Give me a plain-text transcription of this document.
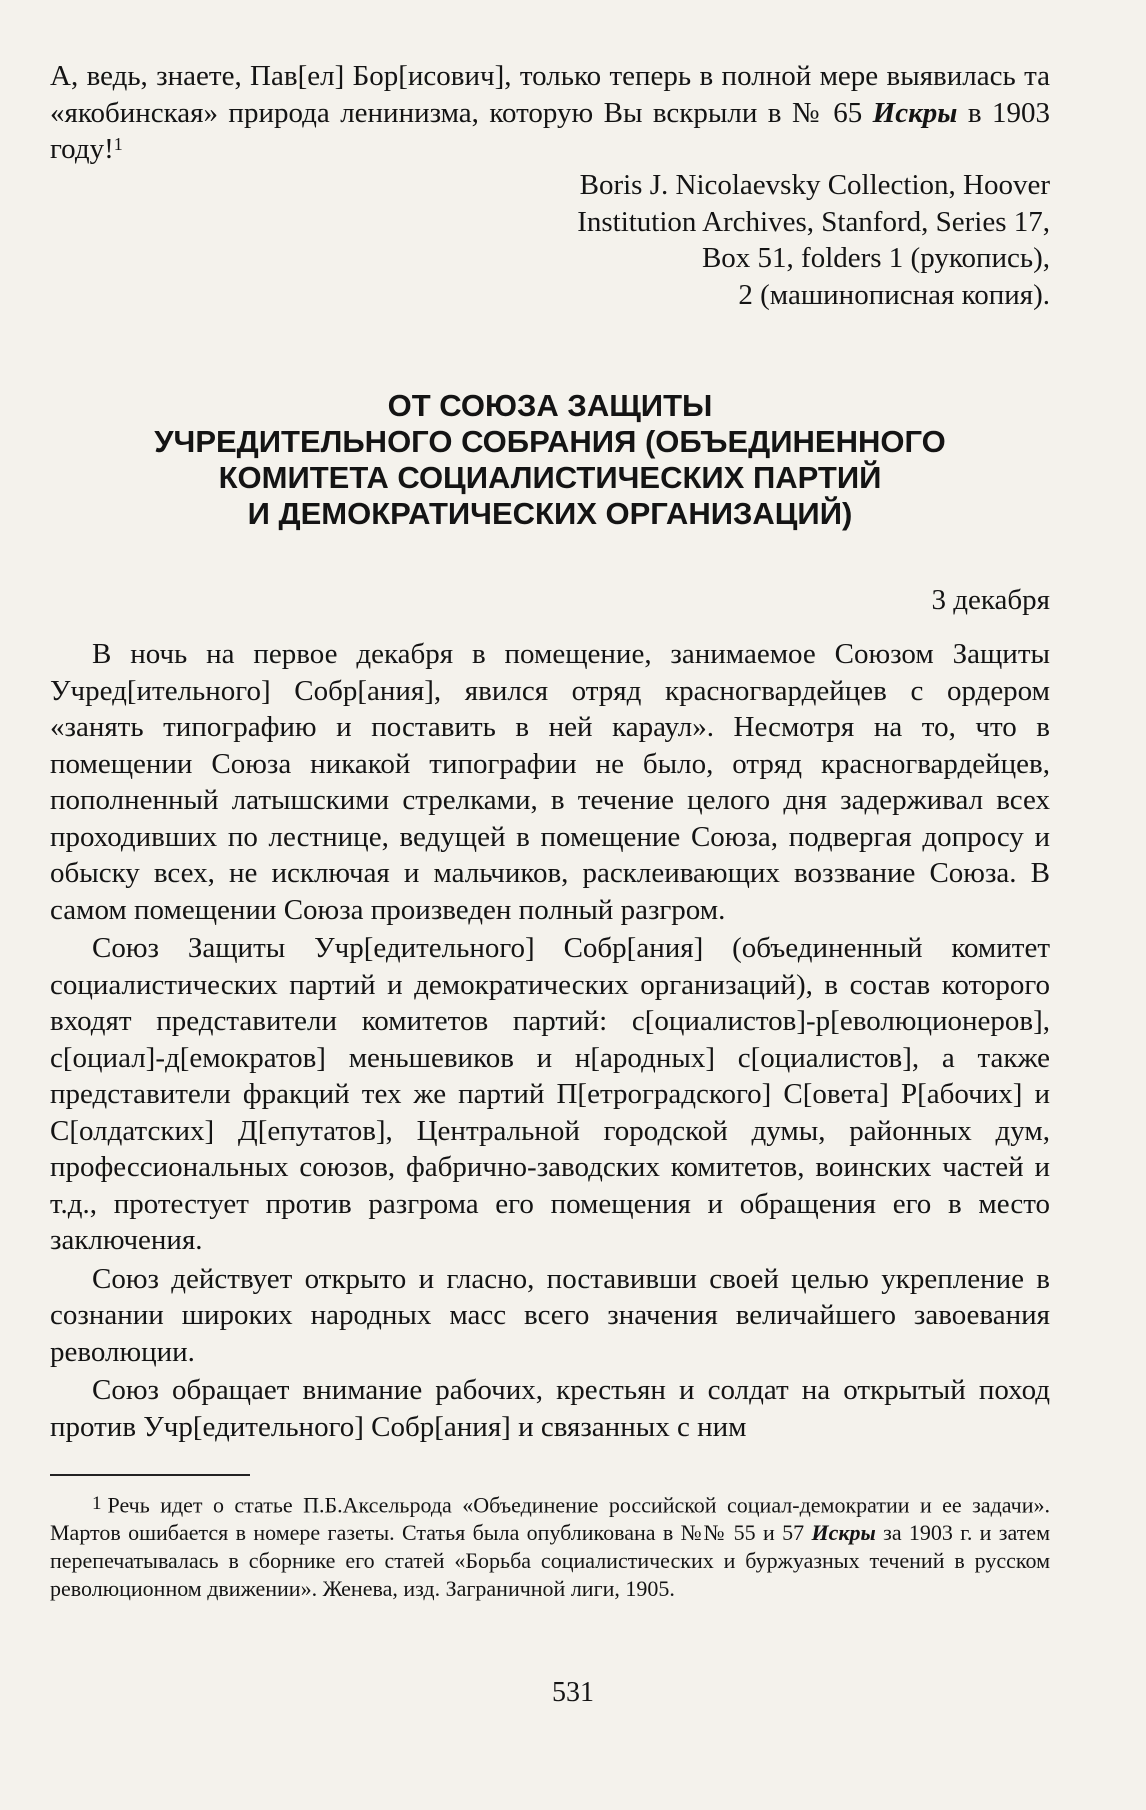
А, ведь, знаете, Пав[ел] Бор[исович], только теперь в полной мере выявилась та «якобинская» природа ленинизма, которую Вы вскрыли в № 65 Искры в 1903 году!$^1$
Boris J. Nicolaevsky Collection, Hoover
Institution Archives, Stanford, Series 17,
Box 51, folders 1 (рукопись),
2 (машинописная копия).
ОТ СОЮЗА ЗАЩИТЫ
УЧРЕДИТЕЛЬНОГО СОБРАНИЯ (ОБЪЕДИНЕННОГО
КОМИТЕТА СОЦИАЛИСТИЧЕСКИХ ПАРТИЙ
И ДЕМОКРАТИЧЕСКИХ ОРГАНИЗАЦИЙ)
3 декабря

В ночь на первое декабря в помещение, занимаемое Союзом Защиты Учред[ительного] Собр[ания], явился отряд красногвардейцев с ордером «занять типографию и поставить в ней караул». Несмотря на то, что в помещении Союза никакой типографии не было, отряд красногвардейцев, пополненный латышскими стрелками, в течение целого дня задерживал всех проходивших по лестнице, ведущей в помещение Союза, подвергая допросу и обыску всех, не исключая и мальчиков, расклеивающих воззвание Союза. В самом помещении Союза произведен полный разгром.

Союз Защиты Учр[едительного] Собр[ания] (объединенный комитет социалистических партий и демократических организаций), в состав которого входят представители комитетов партий: с[оциалистов]-р[еволюционеров], с[оциал]-д[емократов] меньшевиков и н[ародных] с[оциалистов], а также представители фракций тех же партий П[етроградского] С[овета] Р[абочих] и С[олдатских] Д[епутатов], Центральной городской думы, районных дум, профессиональных союзов, фабрично-заводских комитетов, воинских частей и т.д., протестует против разгрома его помещения и обращения его в место заключения.

Союз действует открыто и гласно, поставивши своей целью укрепление в сознании широких народных масс всего значения величайшего завоевания революции.

Союз обращает внимание рабочих, крестьян и солдат на открытый поход против Учр[едительного] Собр[ания] и связанных с ним

1 Речь идет о статье П.Б.Аксельрода «Объединение российской социал-демократии и ее задачи». Мартов ошибается в номере газеты. Статья была опубликована в №№ 55 и 57 Искры за 1903 г. и затем перепечатывалась в сборнике его статей «Борьба социалистических и буржуазных течений в русском революционном движении». Женева, изд. Заграничной лиги, 1905.

531
